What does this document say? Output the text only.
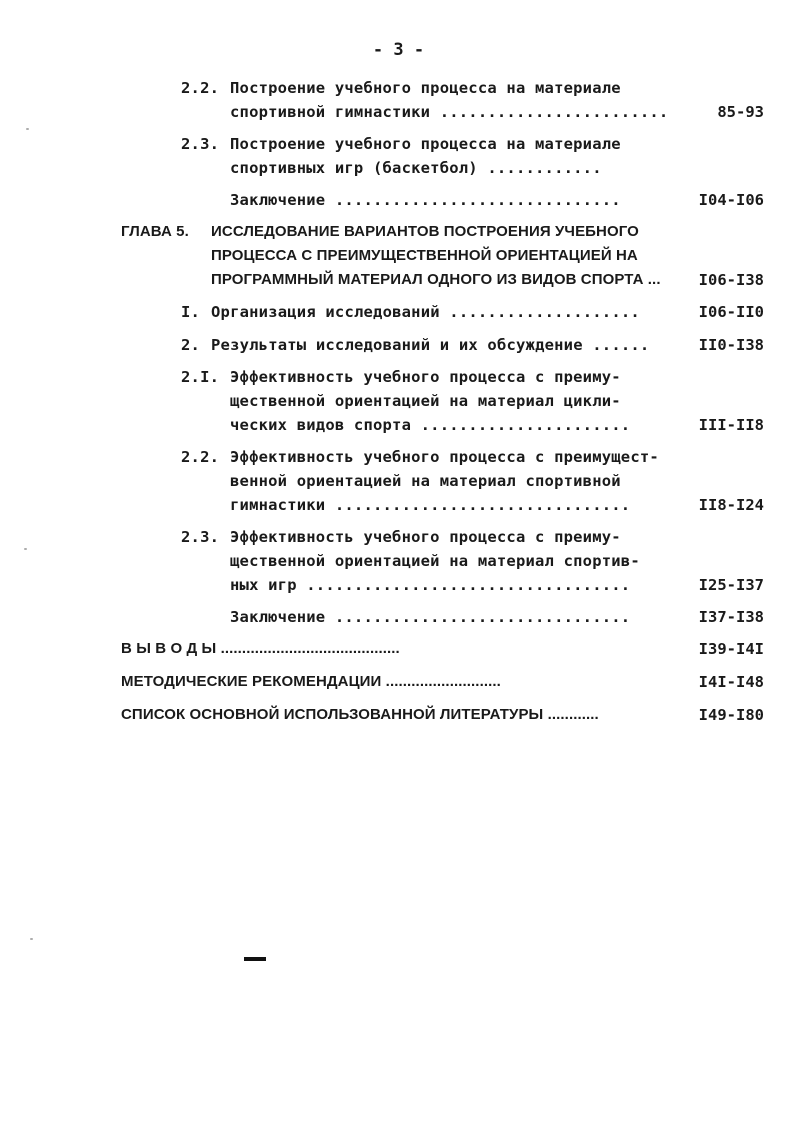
- 3 -
2.2. Построение учебного процесса на материале
спортивной гимнастики ........................	85-93
2.3. Построение учебного процесса на материале
спортивных игр (баскетбол) ............
Заключение ..............................	I04-I06
ГЛАВА 5. ИССЛЕДОВАНИЕ ВАРИАНТОВ ПОСТРОЕНИЯ УЧЕБНОГО
ПРОЦЕССА С ПРЕИМУЩЕСТВЕННОЙ ОРИЕНТАЦИЕЙ НА
ПРОГРАММНЫЙ МАТЕРИАЛ ОДНОГО ИЗ ВИДОВ СПОРТА ... I06-I38
I. Организация исследований ....................	I06-II0
2. Результаты исследований и их обсуждение ......	II0-I38
2.I. Эффективность учебного процесса с преиму-
щественной ориентацией на материал цикли-
ческих видов спорта ......................	III-II8
2.2. Эффективность учебного процесса с преимущест-
венной ориентацией на материал спортивной
гимнастики ...............................	II8-I24
2.3. Эффективность учебного процесса с преиму-
щественной ориентацией на материал спортив-
ных игр ..................................	I25-I37
Заключение ...............................	I37-I38
В Ы В О Д Ы ..........................................	I39-I4I
МЕТОДИЧЕСКИЕ РЕКОМЕНДАЦИИ ...........................	I4I-I48
СПИСОК ОСНОВНОЙ ИСПОЛЬЗОВАННОЙ ЛИТЕРАТУРЫ ............	I49-I80
